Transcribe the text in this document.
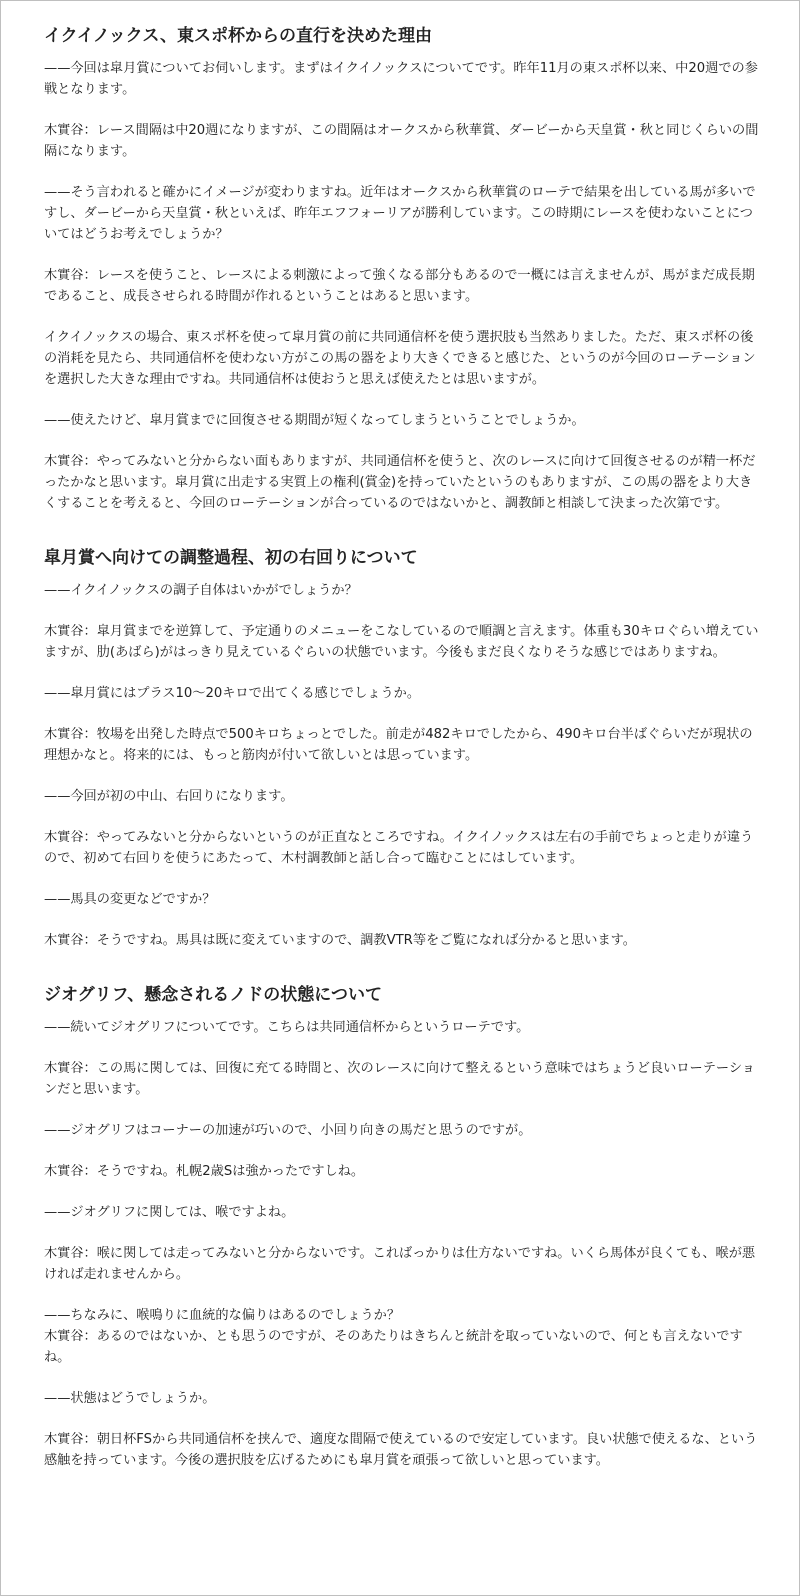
イクイノックス、東スポ杯からの直行を決めた理由

——今回は皐月賞についてお伺いします。まずはイクイノックスについてです。昨年11月の東スポ杯以来、中20週での参戦となります。

木實谷：レース間隔は中20週になりますが、この間隔はオークスから秋華賞、ダービーから天皇賞・秋と同じくらいの間隔になります。

——そう言われると確かにイメージが変わりますね。近年はオークスから秋華賞のローテで結果を出している馬が多いですし、ダービーから天皇賞・秋といえば、昨年エフフォーリアが勝利しています。この時期にレースを使わないことについてはどうお考えでしょうか？

木實谷：レースを使うこと、レースによる刺激によって強くなる部分もあるので一概には言えませんが、馬がまだ成長期であること、成長させられる時間が作れるということはあると思います。

イクイノックスの場合、東スポ杯を使って皐月賞の前に共同通信杯を使う選択肢も当然ありました。ただ、東スポ杯の後の消耗を見たら、共同通信杯を使わない方がこの馬の器をより大きくできると感じた、というのが今回のローテーションを選択した大きな理由ですね。共同通信杯は使おうと思えば使えたとは思いますが。

——使えたけど、皐月賞までに回復させる期間が短くなってしまうということでしょうか。

木實谷：やってみないと分からない面もありますが、共同通信杯を使うと、次のレースに向けて回復させるのが精一杯だったかなと思います。皐月賞に出走する実質上の権利(賞金)を持っていたというのもありますが、この馬の器をより大きくすることを考えると、今回のローテーションが合っているのではないかと、調教師と相談して決まった次第です。

皐月賞へ向けての調整過程、初の右回りについて

——イクイノックスの調子自体はいかがでしょうか？

木實谷：皐月賞までを逆算して、予定通りのメニューをこなしているので順調と言えます。体重も30キロぐらい増えていますが、肋(あばら)がはっきり見えているぐらいの状態でいます。今後もまだ良くなりそうな感じではありますね。

——皐月賞にはプラス10〜20キロで出てくる感じでしょうか。

木實谷：牧場を出発した時点で500キロちょっとでした。前走が482キロでしたから、490キロ台半ばぐらいだが現状の理想かなと。将来的には、もっと筋肉が付いて欲しいとは思っています。

——今回が初の中山、右回りになります。

木實谷：やってみないと分からないというのが正直なところですね。イクイノックスは左右の手前でちょっと走りが違うので、初めて右回りを使うにあたって、木村調教師と話し合って臨むことにはしています。

——馬具の変更などですか？

木實谷：そうですね。馬具は既に変えていますので、調教VTR等をご覧になれば分かると思います。

ジオグリフ、懸念されるノドの状態について

——続いてジオグリフについてです。こちらは共同通信杯からというローテです。

木實谷：この馬に関しては、回復に充てる時間と、次のレースに向けて整えるという意味ではちょうど良いローテーションだと思います。

——ジオグリフはコーナーの加速が巧いので、小回り向きの馬だと思うのですが。

木實谷：そうですね。札幌2歳Sは強かったですしね。

——ジオグリフに関しては、喉ですよね。

木實谷：喉に関しては走ってみないと分からないです。こればっかりは仕方ないですね。いくら馬体が良くても、喉が悪ければ走れませんから。

——ちなみに、喉鳴りに血統的な偏りはあるのでしょうか？

木實谷：あるのではないか、とも思うのですが、そのあたりはきちんと統計を取っていないので、何とも言えないですね。

——状態はどうでしょうか。

木實谷：朝日杯FSから共同通信杯を挟んで、適度な間隔で使えているので安定しています。良い状態で使えるな、という感触を持っています。今後の選択肢を広げるためにも皐月賞を頑張って欲しいと思っています。
